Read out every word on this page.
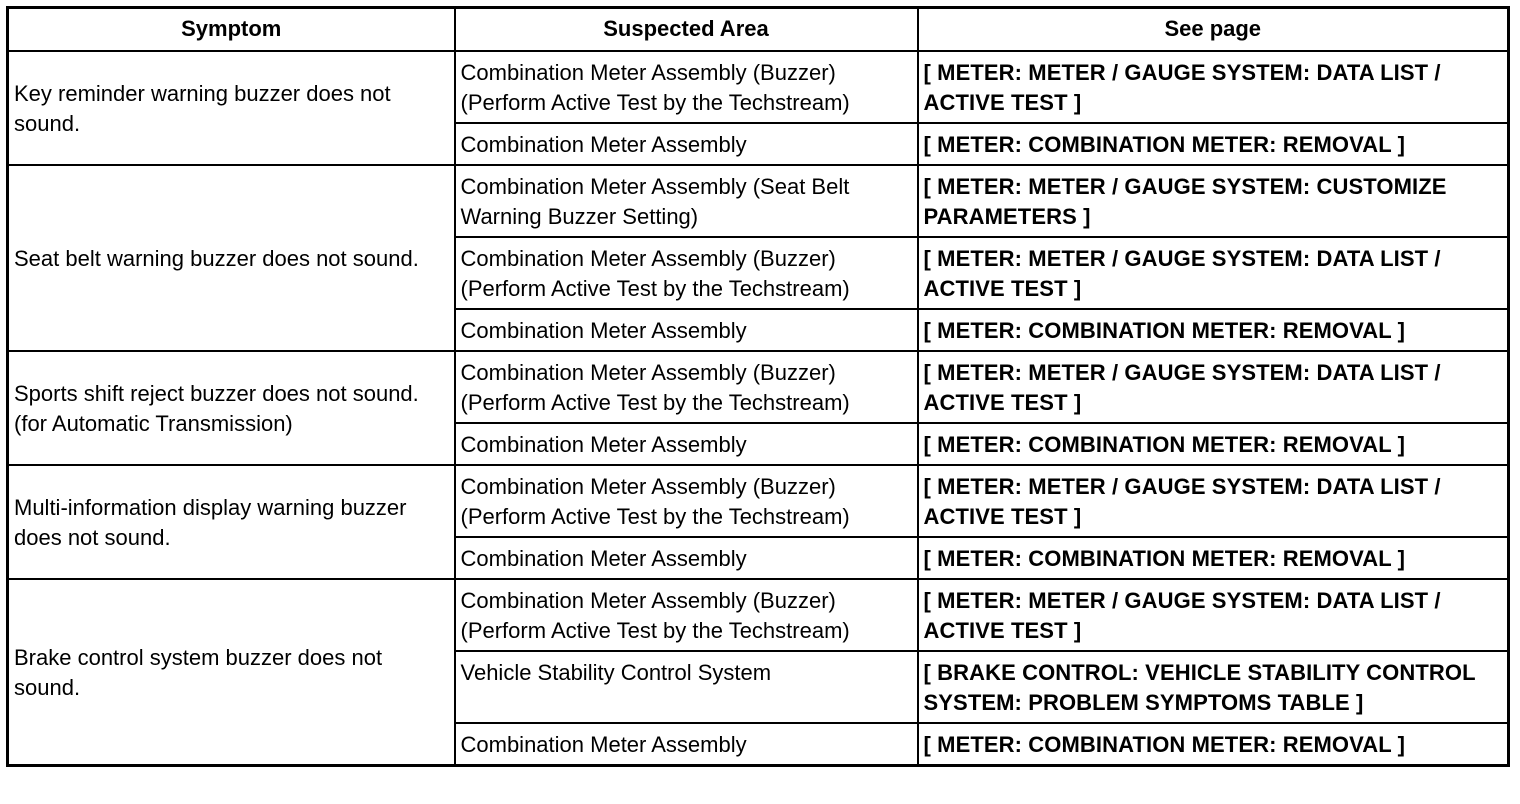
Symptom	Suspected Area	See page
Key reminder warning buzzer does not sound.	Combination Meter Assembly (Buzzer) (Perform Active Test by the Techstream)	[ METER: METER / GAUGE SYSTEM: DATA LIST / ACTIVE TEST ]
	Combination Meter Assembly	[ METER: COMBINATION METER: REMOVAL ]
Seat belt warning buzzer does not sound.	Combination Meter Assembly (Seat Belt Warning Buzzer Setting)	[ METER: METER / GAUGE SYSTEM: CUSTOMIZE PARAMETERS ]
	Combination Meter Assembly (Buzzer) (Perform Active Test by the Techstream)	[ METER: METER / GAUGE SYSTEM: DATA LIST / ACTIVE TEST ]
	Combination Meter Assembly	[ METER: COMBINATION METER: REMOVAL ]
Sports shift reject buzzer does not sound. (for Automatic Transmission)	Combination Meter Assembly (Buzzer) (Perform Active Test by the Techstream)	[ METER: METER / GAUGE SYSTEM: DATA LIST / ACTIVE TEST ]
	Combination Meter Assembly	[ METER: COMBINATION METER: REMOVAL ]
Multi-information display warning buzzer does not sound.	Combination Meter Assembly (Buzzer) (Perform Active Test by the Techstream)	[ METER: METER / GAUGE SYSTEM: DATA LIST / ACTIVE TEST ]
	Combination Meter Assembly	[ METER: COMBINATION METER: REMOVAL ]
Brake control system buzzer does not sound.	Combination Meter Assembly (Buzzer) (Perform Active Test by the Techstream)	[ METER: METER / GAUGE SYSTEM: DATA LIST / ACTIVE TEST ]
	Vehicle Stability Control System	[ BRAKE CONTROL: VEHICLE STABILITY CONTROL SYSTEM: PROBLEM SYMPTOMS TABLE ]
	Combination Meter Assembly	[ METER: COMBINATION METER: REMOVAL ]
